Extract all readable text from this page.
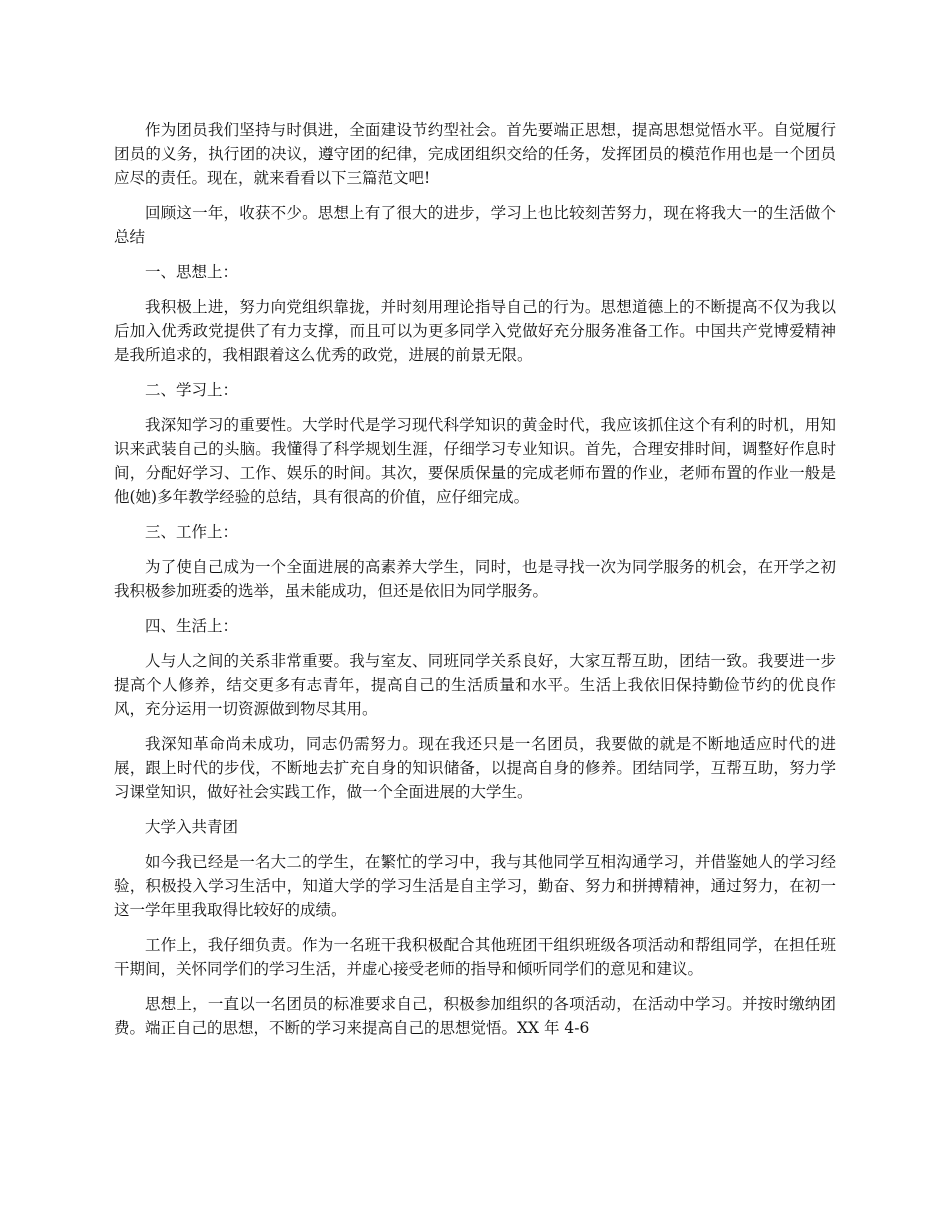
作为团员我们坚持与时俱进，全面建设节约型社会。首先要端正思想，提高思想觉悟水平。自觉履行团员的义务，执行团的决议，遵守团的纪律，完成团组织交给的任务，发挥团员的模范作用也是一个团员应尽的责任。现在，就来看看以下三篇范文吧!

回顾这一年，收获不少。思想上有了很大的进步，学习上也比较刻苦努力，现在将我大一的生活做个总结

一、思想上：

我积极上进，努力向党组织靠拢，并时刻用理论指导自己的行为。思想道德上的不断提高不仅为我以后加入优秀政党提供了有力支撑，而且可以为更多同学入党做好充分服务准备工作。中国共产党博爱精神是我所追求的，我相跟着这么优秀的政党，进展的前景无限。

二、学习上：

我深知学习的重要性。大学时代是学习现代科学知识的黄金时代，我应该抓住这个有利的时机，用知识来武装自己的头脑。我懂得了科学规划生涯，仔细学习专业知识。首先，合理安排时间，调整好作息时间，分配好学习、工作、娱乐的时间。其次，要保质保量的完成老师布置的作业，老师布置的作业一般是他(她)多年教学经验的总结，具有很高的价值，应仔细完成。

三、工作上：

为了使自己成为一个全面进展的高素养大学生，同时，也是寻找一次为同学服务的机会，在开学之初我积极参加班委的选举，虽未能成功，但还是依旧为同学服务。

四、生活上：

人与人之间的关系非常重要。我与室友、同班同学关系良好，大家互帮互助，团结一致。我要进一步提高个人修养，结交更多有志青年，提高自己的生活质量和水平。生活上我依旧保持勤俭节约的优良作风，充分运用一切资源做到物尽其用。

我深知革命尚未成功，同志仍需努力。现在我还只是一名团员，我要做的就是不断地适应时代的进展，跟上时代的步伐，不断地去扩充自身的知识储备，以提高自身的修养。团结同学，互帮互助，努力学习课堂知识，做好社会实践工作，做一个全面进展的大学生。

大学入共青团

如今我已经是一名大二的学生，在繁忙的学习中，我与其他同学互相沟通学习，并借鉴她人的学习经验，积极投入学习生活中，知道大学的学习生活是自主学习，勤奋、努力和拼搏精神，通过努力，在初一这一学年里我取得比较好的成绩。

工作上，我仔细负责。作为一名班干我积极配合其他班团干组织班级各项活动和帮组同学，在担任班干期间，关怀同学们的学习生活，并虚心接受老师的指导和倾听同学们的意见和建议。

思想上，一直以一名团员的标准要求自己，积极参加组织的各项活动，在活动中学习。并按时缴纳团费。端正自己的思想，不断的学习来提高自己的思想觉悟。XX 年 4-6
